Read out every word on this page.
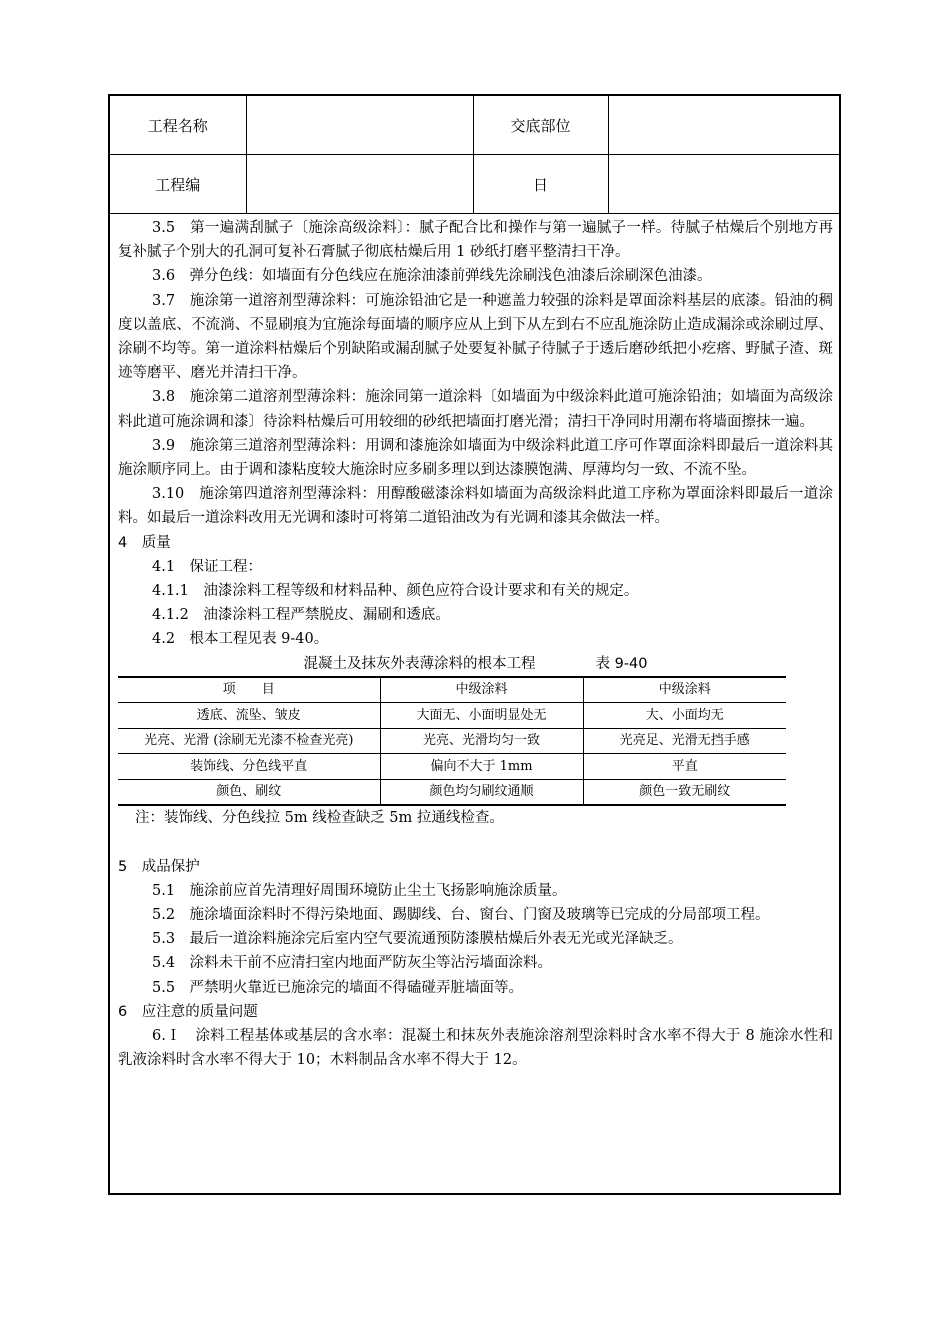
工程名称		交底部位	
工程编		日	

3.5　第一遍满刮腻子〔施涂高级涂料〕：腻子配合比和操作与第一遍腻子一样。待腻子枯燥后个别地方再复补腻子个别大的孔洞可复补石膏腻子彻底枯燥后用 1 砂纸打磨平整清扫干净。

3.6　弹分色线：如墙面有分色线应在施涂油漆前弹线先涂刷浅色油漆后涂刷深色油漆。

3.7　施涂第一道溶剂型薄涂料：可施涂铅油它是一种遮盖力较强的涂料是罩面涂料基层的底漆。铅油的稠度以盖底、不流淌、不显刷痕为宜施涂每面墙的顺序应从上到下从左到右不应乱施涂防止造成漏涂或涂刷过厚、涂刷不均等。第一道涂料枯燥后个别缺陷或漏刮腻子处要复补腻子待腻子于透后磨砂纸把小疙瘩、野腻子渣、斑迹等磨平、磨光并清扫干净。

3.8　施涂第二道溶剂型薄涂料：施涂同第一道涂料〔如墙面为中级涂料此道可施涂铅油；如墙面为高级涂料此道可施涂调和漆〕待涂料枯燥后可用较细的砂纸把墙面打磨光滑；清扫干净同时用潮布将墙面擦抹一遍。

3.9　施涂第三道溶剂型薄涂料：用调和漆施涂如墙面为中级涂料此道工序可作罩面涂料即最后一道涂料其施涂顺序同上。由于调和漆粘度较大施涂时应多刷多理以到达漆膜饱满、厚薄均匀一致、不流不坠。

3.10　施涂第四道溶剂型薄涂料：用醇酸磁漆涂料如墙面为高级涂料此道工序称为罩面涂料即最后一道涂料。如最后一道涂料改用无光调和漆时可将第二道铅油改为有光调和漆其余做法一样。

4　质量

4.1　保证工程：

4.1.1　油漆涂料工程等级和材料品种、颜色应符合设计要求和有关的规定。

4.1.2　油漆涂料工程严禁脱皮、漏刷和透底。

4.2　根本工程见表 9-40。

混凝土及抹灰外表薄涂料的根本工程	表 9-40

项　　目	中级涂料	中级涂料
透底、流坠、皱皮	大面无、小面明显处无	大、小面均无
光亮、光滑 (涂刷无光漆不检查光亮)	光亮、光滑均匀一致	光亮足、光滑无挡手感
装饰线、分色线平直	偏向不大于 1mm	平直
颜色、刷纹	颜色均匀刷纹通顺	颜色一致无刷纹

注：装饰线、分色线拉 5m 线检查缺乏 5m 拉通线检查。

5　成品保护

5.1　施涂前应首先清理好周围环境防止尘土飞扬影响施涂质量。

5.2　施涂墙面涂料时不得污染地面、踢脚线、台、窗台、门窗及玻璃等已完成的分局部项工程。

5.3　最后一道涂料施涂完后室内空气要流通预防漆膜枯燥后外表无光或光泽缺乏。

5.4　涂料未干前不应清扫室内地面严防灰尘等沾污墙面涂料。

5.5　严禁明火靠近已施涂完的墙面不得磕碰弄脏墙面等。

6　应注意的质量问题

6.Ｉ　涂料工程基体或基层的含水率：混凝土和抹灰外表施涂溶剂型涂料时含水率不得大于 8 施涂水性和乳液涂料时含水率不得大于 10；木料制品含水率不得大于 12。
